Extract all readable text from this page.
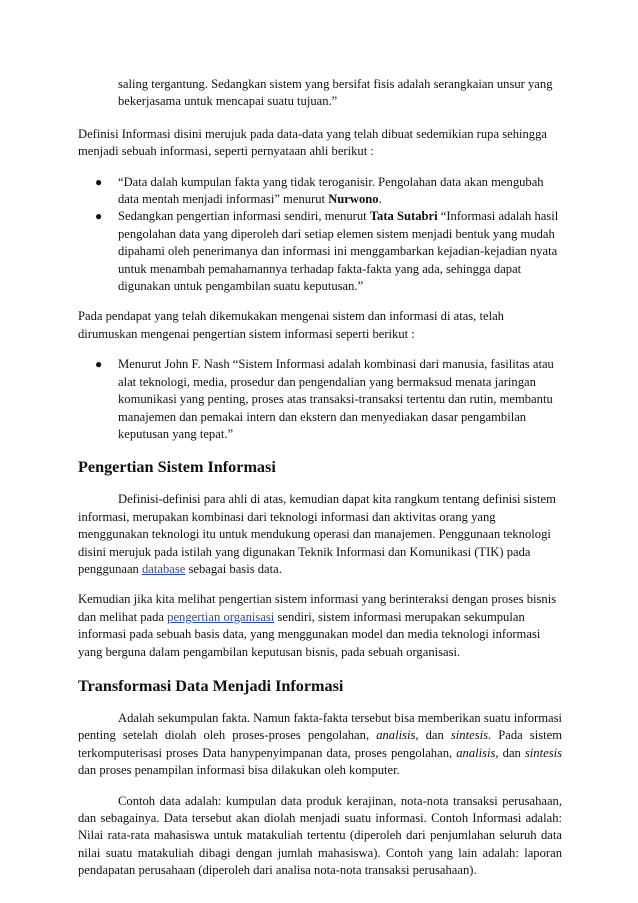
saling tergantung. Sedangkan sistem yang bersifat fisis adalah serangkaian unsur yang bekerjasama untuk mencapai suatu tujuan.”

Definisi Informasi disini merujuk pada data-data yang telah dibuat sedemikian rupa sehingga menjadi sebuah informasi, seperti pernyataan ahli berikut :

● “Data dalah kumpulan fakta yang tidak teroganisir. Pengolahan data akan mengubah data mentah menjadi informasi” menurut Nurwono.
● Sedangkan pengertian informasi sendiri, menurut Tata Sutabri “Informasi adalah hasil pengolahan data yang diperoleh dari setiap elemen sistem menjadi bentuk yang mudah dipahami oleh penerimanya dan informasi ini menggambarkan kejadian-kejadian nyata untuk menambah pemahamannya terhadap fakta-fakta yang ada, sehingga dapat digunakan untuk pengambilan suatu keputusan.”

Pada pendapat yang telah dikemukakan mengenai sistem dan informasi di atas, telah dirumuskan mengenai pengertian sistem informasi seperti berikut :

● Menurut John F. Nash “Sistem Informasi adalah kombinasi dari manusia, fasilitas atau alat teknologi, media, prosedur dan pengendalian yang bermaksud menata jaringan komunikasi yang penting, proses atas transaksi-transaksi tertentu dan rutin, membantu manajemen dan pemakai intern dan ekstern dan menyediakan dasar pengambilan keputusan yang tepat.”
Pengertian Sistem Informasi

Definisi-definisi para ahli di atas, kemudian dapat kita rangkum tentang definisi sistem informasi, merupakan kombinasi dari teknologi informasi dan aktivitas orang yang menggunakan teknologi itu untuk mendukung operasi dan manajemen. Penggunaan teknologi disini merujuk pada istilah yang digunakan Teknik Informasi dan Komunikasi (TIK) pada penggunaan database sebagai basis data.

Kemudian jika kita melihat pengertian sistem informasi yang berinteraksi dengan proses bisnis dan melihat pada pengertian organisasi sendiri, sistem informasi merupakan sekumpulan informasi pada sebuah basis data, yang menggunakan model dan media teknologi informasi yang berguna dalam pengambilan keputusan bisnis, pada sebuah organisasi.

Transformasi Data Menjadi Informasi

Adalah sekumpulan fakta. Namun fakta-fakta tersebut bisa memberikan suatu informasi penting setelah diolah oleh proses-proses pengolahan, analisis, dan sintesis. Pada sistem terkomputerisasi proses Data hanypenyimpanan data, proses pengolahan, analisis, dan sintesis dan proses penampilan informasi bisa dilakukan oleh komputer.

Contoh data adalah: kumpulan data produk kerajinan, nota-nota transaksi perusahaan, dan sebagainya. Data tersebut akan diolah menjadi suatu informasi. Contoh Informasi adalah: Nilai rata-rata mahasiswa untuk matakuliah tertentu (diperoleh dari penjumlahan seluruh data nilai suatu matakuliah dibagi dengan jumlah mahasiswa). Contoh yang lain adalah: laporan pendapatan perusahaan (diperoleh dari analisa nota-nota transaksi perusahaan).
